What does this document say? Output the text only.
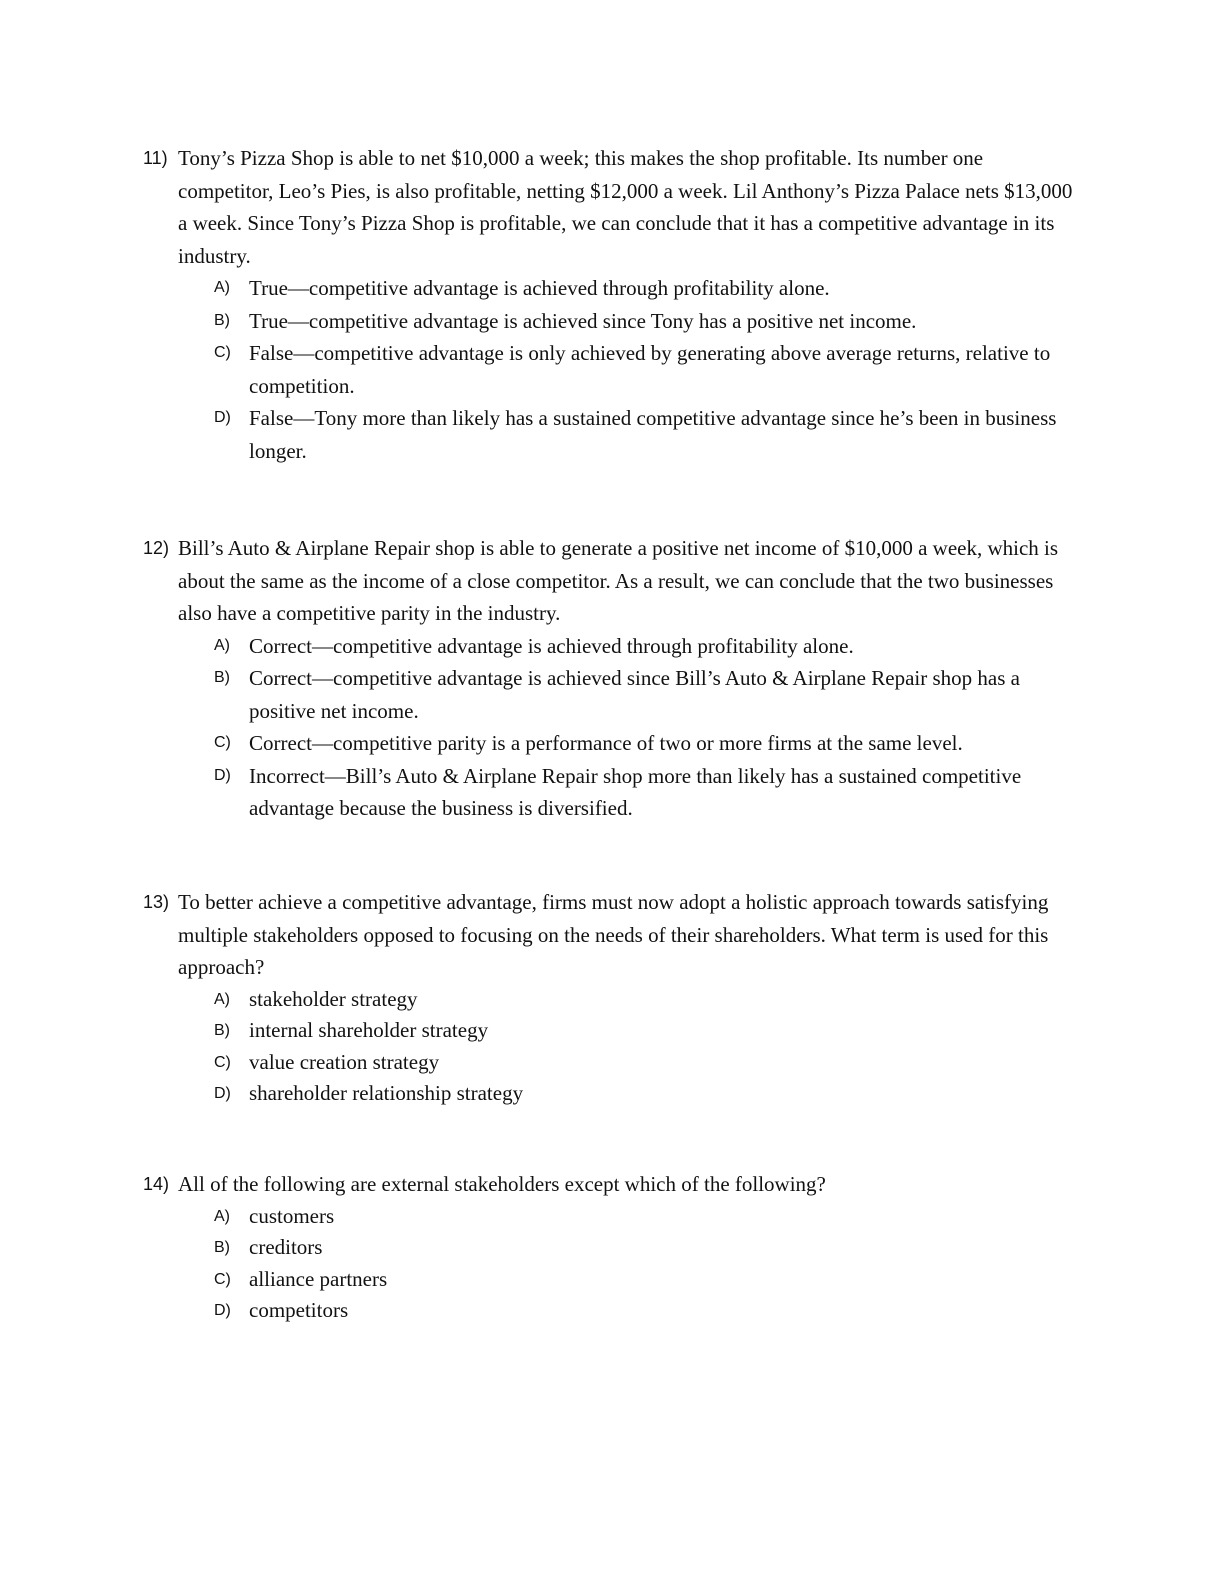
11) Tony’s Pizza Shop is able to net $10,000 a week; this makes the shop profitable. Its number one competitor, Leo’s Pies, is also profitable, netting $12,000 a week. Lil Anthony’s Pizza Palace nets $13,000 a week. Since Tony’s Pizza Shop is profitable, we can conclude that it has a competitive advantage in its industry.

A) True—competitive advantage is achieved through profitability alone.
B) True—competitive advantage is achieved since Tony has a positive net income.
C) False—competitive advantage is only achieved by generating above average returns, relative to competition.
D) False—Tony more than likely has a sustained competitive advantage since he’s been in business longer.

12) Bill’s Auto & Airplane Repair shop is able to generate a positive net income of $10,000 a week, which is about the same as the income of a close competitor. As a result, we can conclude that the two businesses also have a competitive parity in the industry.

A) Correct—competitive advantage is achieved through profitability alone.
B) Correct—competitive advantage is achieved since Bill’s Auto & Airplane Repair shop has a positive net income.
C) Correct—competitive parity is a performance of two or more firms at the same level.
D) Incorrect—Bill’s Auto & Airplane Repair shop more than likely has a sustained competitive advantage because the business is diversified.

13) To better achieve a competitive advantage, firms must now adopt a holistic approach towards satisfying multiple stakeholders opposed to focusing on the needs of their shareholders. What term is used for this approach?

A) stakeholder strategy
B) internal shareholder strategy
C) value creation strategy
D) shareholder relationship strategy

14) All of the following are external stakeholders except which of the following?

A) customers
B) creditors
C) alliance partners
D) competitors
